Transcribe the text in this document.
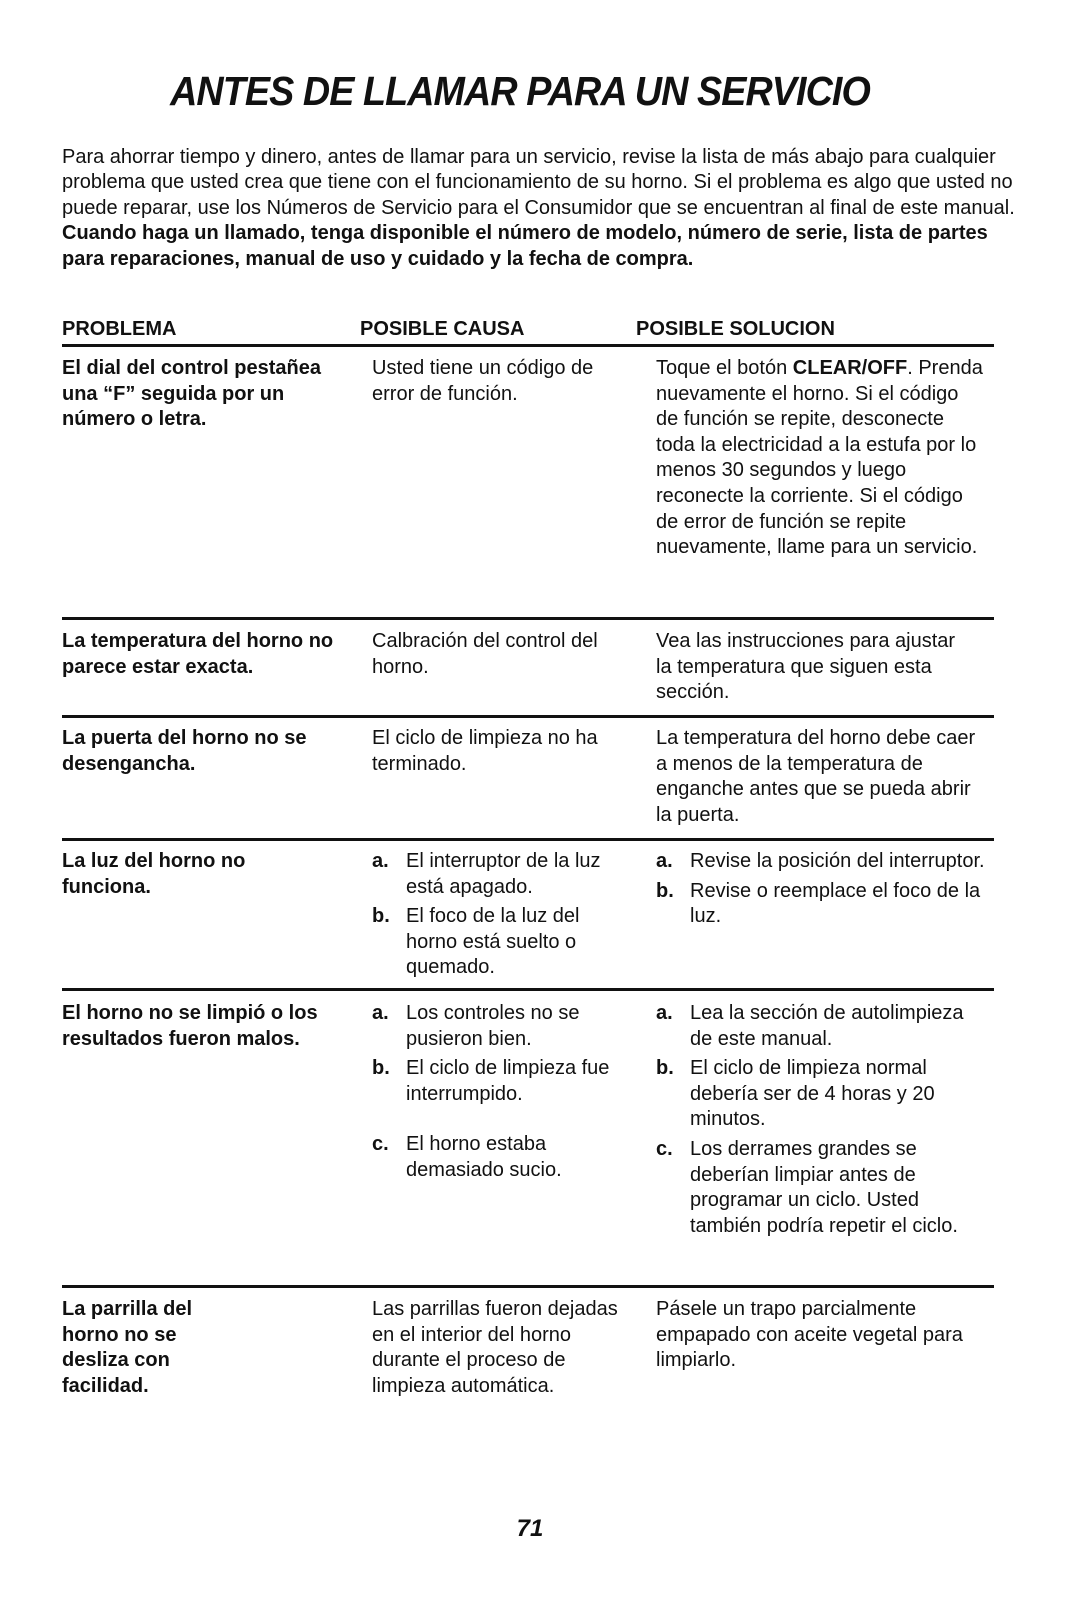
ANTES DE LLAMAR PARA UN SERVICIO
Para ahorrar tiempo y dinero, antes de llamar para un servicio, revise la lista de más abajo para cualquier problema que usted crea que tiene con el funcionamiento de su horno. Si el problema es algo que usted no puede reparar, use los Números de Servicio para el Consumidor que se encuentran al final de este manual. Cuando haga un llamado, tenga disponible el número de modelo, número de serie, lista de partes para reparaciones, manual de uso y cuidado y la fecha de compra.
PROBLEMA	POSIBLE CAUSA	POSIBLE SOLUCION
El dial del control pestañea una “F” seguida por un número o letra.
Usted tiene un código de error de función.
Toque el botón CLEAR/OFF. Prenda nuevamente el horno. Si el código de función se repite, desconecte toda la electricidad a la estufa por lo menos 30 segundos y luego reconecte la corriente. Si el código de error de función se repite nuevamente, llame para un servicio.
La temperatura del horno no parece estar exacta.
Calbración del control del horno.
Vea las instrucciones para ajustar la temperatura que siguen esta sección.
La puerta del horno no se desengancha.
El ciclo de limpieza no ha terminado.
La temperatura del horno debe caer a menos de la temperatura de enganche antes que se pueda abrir la puerta.
La luz del horno no funciona.
a. El interruptor de la luz está apagado.
b. El foco de la luz del horno está suelto o quemado.
a. Revise la posición del interruptor.
b. Revise o reemplace el foco de la luz.
El horno no se limpió o los resultados fueron malos.
a. Los controles no se pusieron bien.
b. El ciclo de limpieza fue interrumpido.
c. El horno estaba demasiado sucio.
a. Lea la sección de autolimpieza de este manual.
b. El ciclo de limpieza normal debería ser de 4 horas y 20 minutos.
c. Los derrames grandes se deberían limpiar antes de programar un ciclo. Usted también podría repetir el ciclo.
La parrilla del horno no se desliza con facilidad.
Las parrillas fueron dejadas en el interior del horno durante el proceso de limpieza automática.
Pásele un trapo parcialmente empapado con aceite vegetal para limpiarlo.
71
